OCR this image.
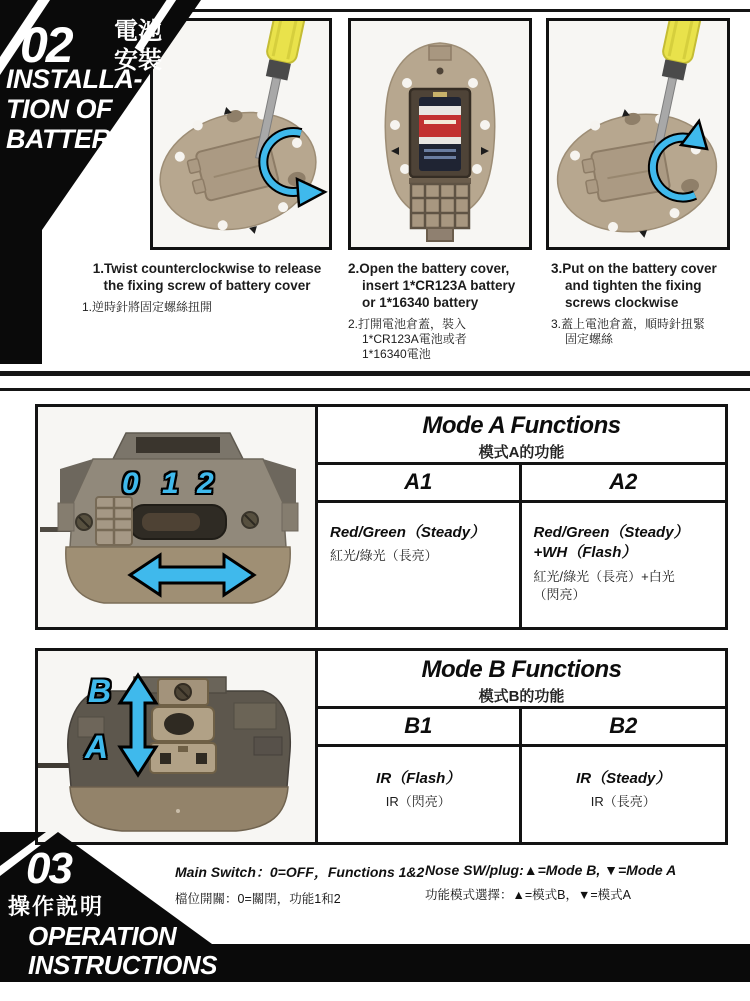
02 電池
安裝
INSTALLA-
TION OF
BATTERY
1.Twist counterclockwise to release
the fixing screw of battery cover
1.逆時針將固定螺絲扭開
2.Open the battery cover,
insert 1*CR123A battery
or 1*16340 battery
2.打開電池倉蓋，裝入
1*CR123A電池或者
1*16340電池
3.Put on the battery cover
and tighten the fixing
screws clockwise
3.蓋上電池倉蓋，順時針扭緊
固定螺絲
0 1 2
Mode A Functions
模式A的功能
A1	A2
Red/Green（Steady）
紅光/綠光（長亮）
Red/Green（Steady）
+WH（Flash）
紅光/綠光（長亮）+白光
（閃亮）
B
A
Mode B Functions
模式B的功能
B1	B2
IR（Flash）
IR（閃亮）
IR（Steady）
IR（長亮）
Main Switch：0=OFF，Functions 1&2
檔位開關：0=關閉，功能1和2
Nose SW/plug:▲=Mode B, ▼=Mode A
功能模式選擇：▲=模式B，▼=模式A
03
操作説明
OPERATION
INSTRUCTIONS
